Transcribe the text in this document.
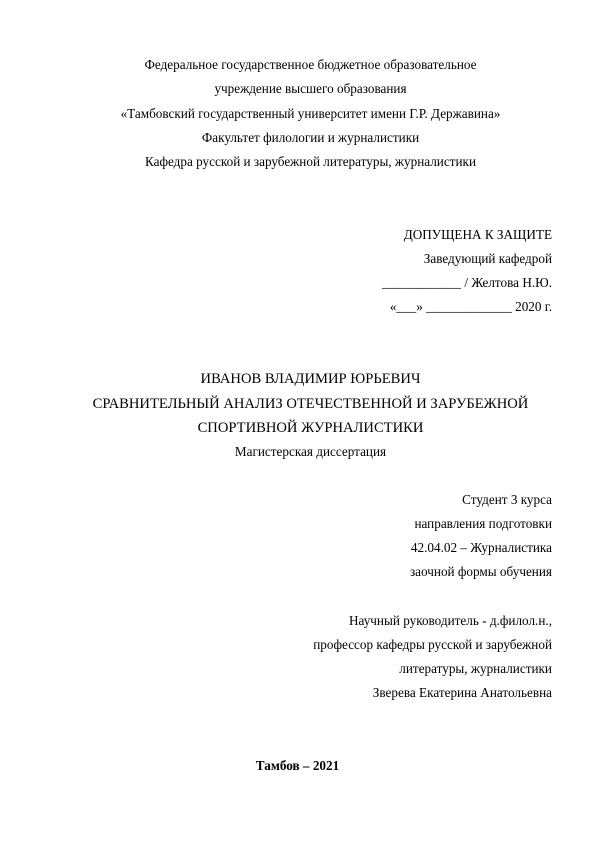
Федеральное государственное бюджетное образовательное
учреждение высшего образования
«Тамбовский государственный университет имени Г.Р. Державина»
Факультет филологии и журналистики
Кафедра русской и зарубежной литературы, журналистики
ДОПУЩЕНА К ЗАЩИТЕ
Заведующий кафедрой
____________ / Желтова Н.Ю.
«___» _____________ 2020 г.
ИВАНОВ ВЛАДИМИР ЮРЬЕВИЧ
СРАВНИТЕЛЬНЫЙ АНАЛИЗ ОТЕЧЕСТВЕННОЙ И ЗАРУБЕЖНОЙ
СПОРТИВНОЙ ЖУРНАЛИСТИКИ
Магистерская диссертация
Студент 3 курса
направления подготовки
42.04.02 – Журналистика
заочной формы обучения
Научный руководитель - д.филол.н.,
профессор кафедры русской и зарубежной
литературы, журналистики
Зверева Екатерина Анатольевна
Тамбов – 2021
